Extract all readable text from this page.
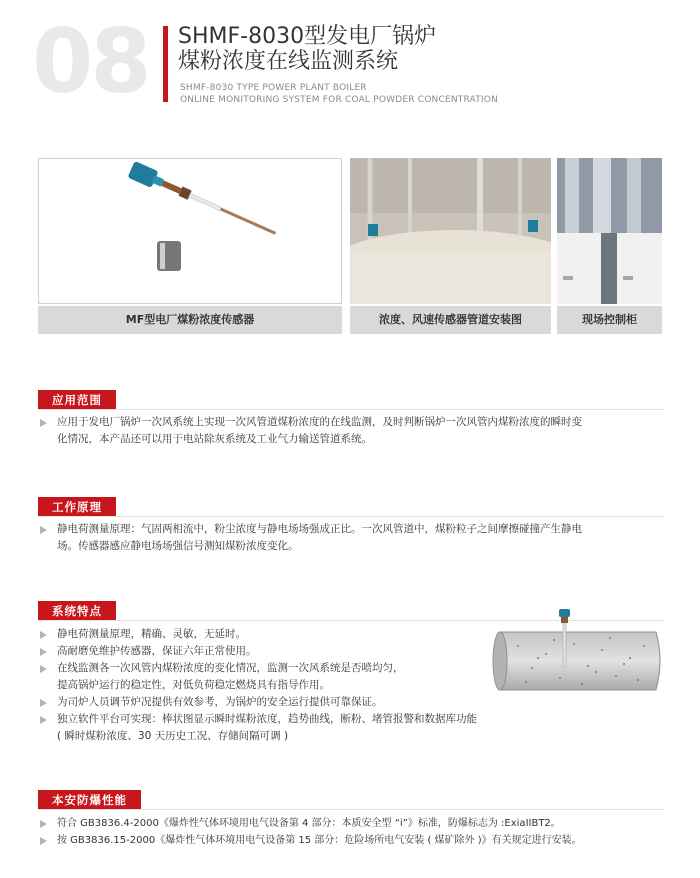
08 SHMF-8030型发电厂锅炉
煤粉浓度在线监测系统
SHMF-8030 TYPE POWER PLANT BOILER
ONLINE MONITORING SYSTEM FOR COAL POWDER CONCENTRATION
MF型电厂煤粉浓度传感器	浓度、风速传感器管道安装图	现场控制柜
应用范围
应用于发电厂锅炉一次风系统上实现一次风管道煤粉浓度的在线监测，及时判断锅炉一次风管内煤粉浓度的瞬时变
化情况，本产品还可以用于电站除灰系统及工业气力输送管道系统。
工作原理
静电荷测量原理：气固两相流中，粉尘浓度与静电场场强成正比。一次风管道中，煤粉粒子之间摩擦碰撞产生静电
场。传感器感应静电场场强信号测知煤粉浓度变化。
系统特点
静电荷测量原理，精确、灵敏，无延时。
高耐磨免维护传感器，保证六年正常使用。
在线监测各一次风管内煤粉浓度的变化情况，监测一次风系统是否喷均匀，
提高锅炉运行的稳定性，对低负荷稳定燃烧具有指导作用。
为司炉人员调节炉况提供有效参考，为锅炉的安全运行提供可靠保证。
独立软件平台可实现：棒状图显示瞬时煤粉浓度，趋势曲线，断粉、堵管报警和数据库功能
( 瞬时煤粉浓度、30 天历史工况、存储间隔可调 )
本安防爆性能
符合 GB3836.4-2000《爆炸性气体环境用电气设备第 4 部分：本质安全型 “i”》标准，防爆标志为 :ExiaIIBT2。
按 GB3836.15-2000《爆炸性气体环境用电气设备第 15 部分：危险场所电气安装 ( 煤矿除外 )》有关规定进行安装。
